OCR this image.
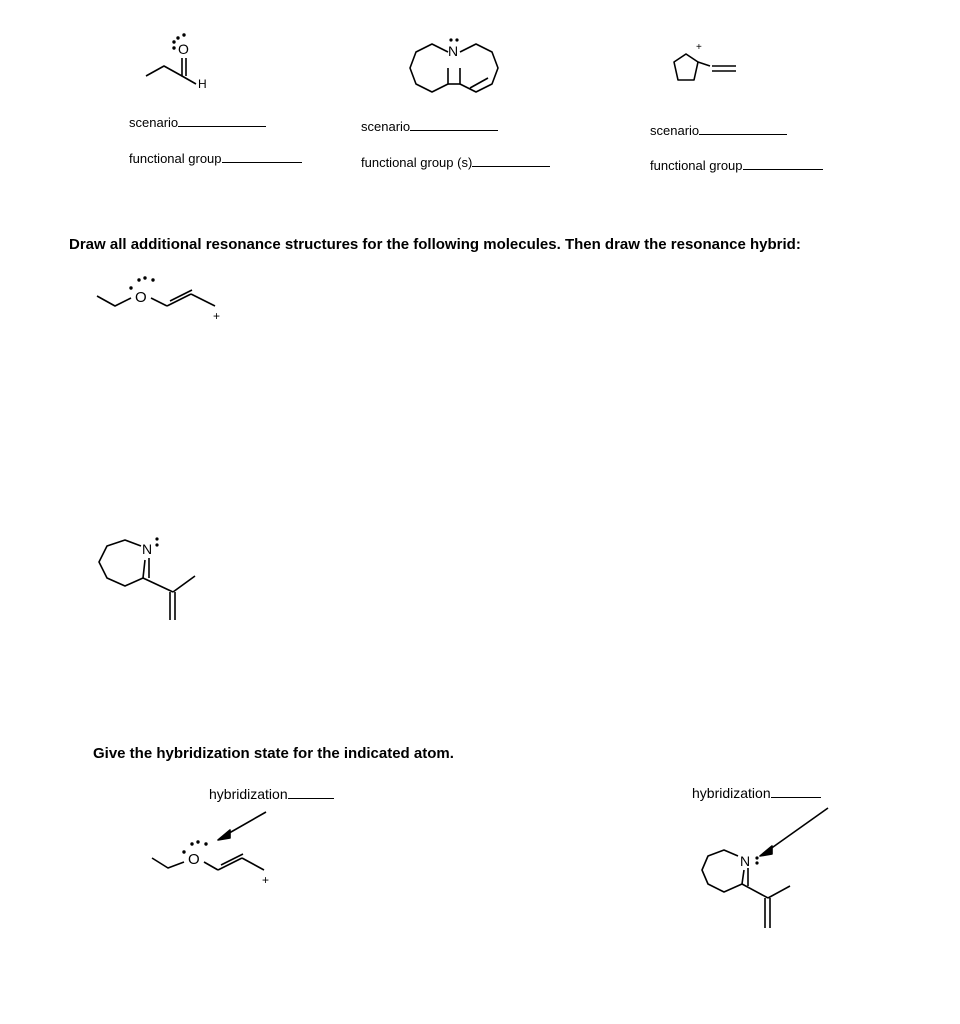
O
H
N	+
scenario
functional group
scenario
functional group (s)
scenario
functional group
Draw all additional resonance structures for the following molecules. Then draw the resonance hybrid:
O
+
N
Give the hybridization state for the indicated atom.
hybridization	hybridization
O
+
N
